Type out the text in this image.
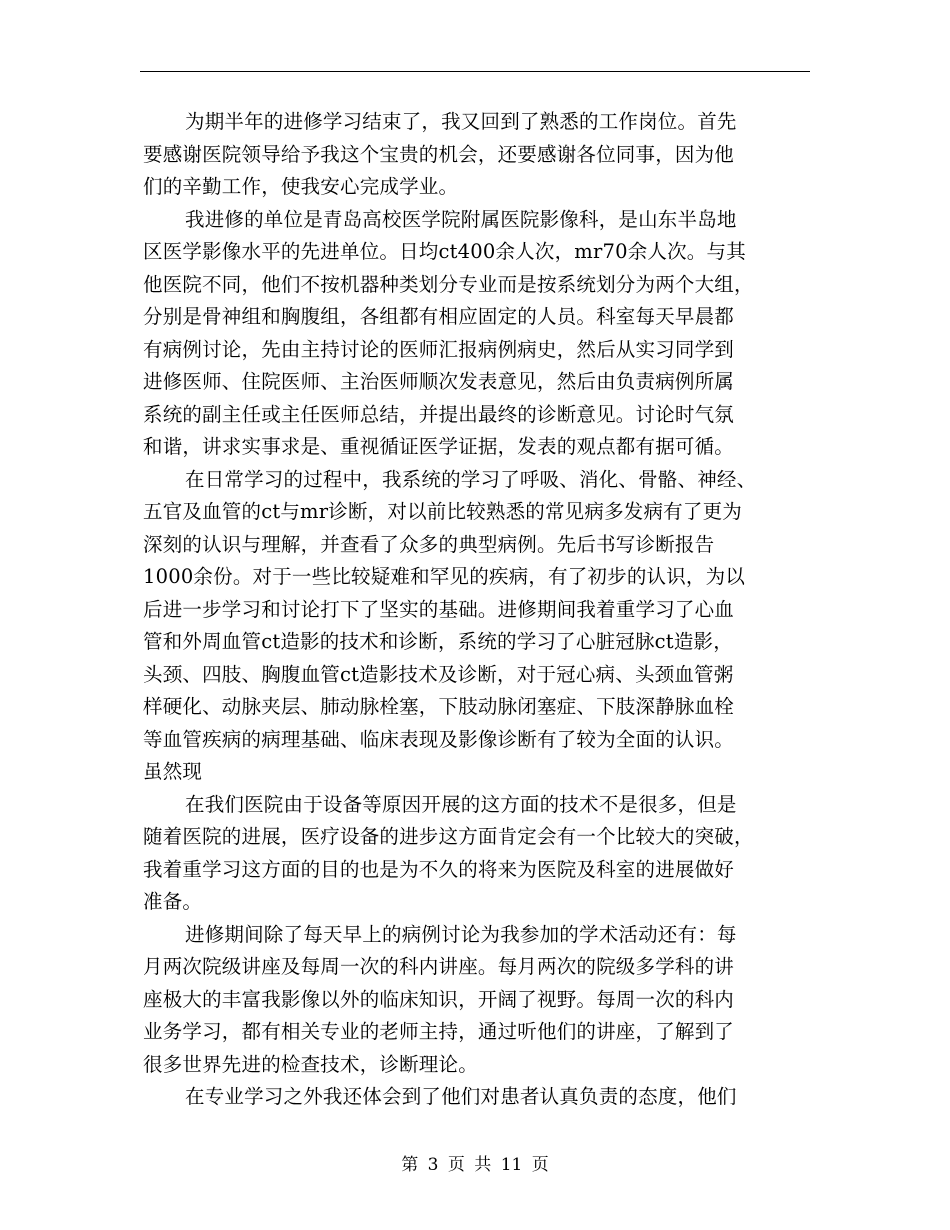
为期半年的进修学习结束了，我又回到了熟悉的工作岗位。首先
要感谢医院领导给予我这个宝贵的机会，还要感谢各位同事，因为他
们的辛勤工作，使我安心完成学业。
我进修的单位是青岛高校医学院附属医院影像科，是山东半岛地
区医学影像水平的先进单位。日均ct400余人次，mr70余人次。与其
他医院不同，他们不按机器种类划分专业而是按系统划分为两个大组，
分别是骨神组和胸腹组，各组都有相应固定的人员。科室每天早晨都
有病例讨论，先由主持讨论的医师汇报病例病史，然后从实习同学到
进修医师、住院医师、主治医师顺次发表意见，然后由负责病例所属
系统的副主任或主任医师总结，并提出最终的诊断意见。讨论时气氛
和谐，讲求实事求是、重视循证医学证据，发表的观点都有据可循。
在日常学习的过程中，我系统的学习了呼吸、消化、骨骼、神经、
五官及血管的ct与mr诊断，对以前比较熟悉的常见病多发病有了更为
深刻的认识与理解，并查看了众多的典型病例。先后书写诊断报告
1000余份。对于一些比较疑难和罕见的疾病，有了初步的认识，为以
后进一步学习和讨论打下了坚实的基础。进修期间我着重学习了心血
管和外周血管ct造影的技术和诊断，系统的学习了心脏冠脉ct造影，
头颈、四肢、胸腹血管ct造影技术及诊断，对于冠心病、头颈血管粥
样硬化、动脉夹层、肺动脉栓塞，下肢动脉闭塞症、下肢深静脉血栓
等血管疾病的病理基础、临床表现及影像诊断有了较为全面的认识。
虽然现
在我们医院由于设备等原因开展的这方面的技术不是很多，但是
随着医院的进展，医疗设备的进步这方面肯定会有一个比较大的突破，
我着重学习这方面的目的也是为不久的将来为医院及科室的进展做好
准备。
进修期间除了每天早上的病例讨论为我参加的学术活动还有：每
月两次院级讲座及每周一次的科内讲座。每月两次的院级多学科的讲
座极大的丰富我影像以外的临床知识，开阔了视野。每周一次的科内
业务学习，都有相关专业的老师主持，通过听他们的讲座，了解到了
很多世界先进的检查技术，诊断理论。
在专业学习之外我还体会到了他们对患者认真负责的态度，他们
第 3 页 共 11 页
